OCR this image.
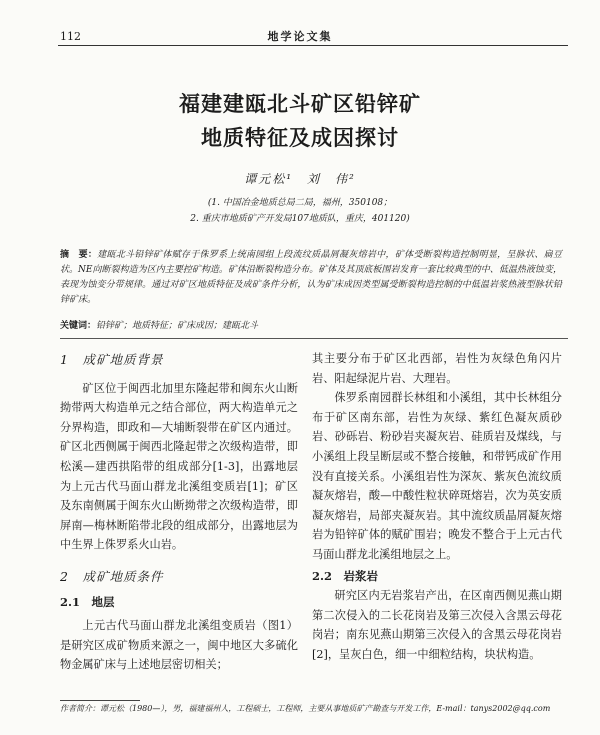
112	地学论文集
福建建瓯北斗矿区铅锌矿
地质特征及成因探讨
谭元松¹　刘　伟²
(1. 中国冶金地质总局二局，福州，350108；
2. 重庆市地质矿产开发局107地质队，重庆，401120)
摘　要：建瓯北斗铅锌矿体赋存于侏罗系上统南园组上段流纹质晶屑凝灰熔岩中，矿体受断裂构造控制明显，呈脉状、扁豆状。NE向断裂构造为区内主要控矿构造。矿体沿断裂构造分布。矿体及其顶底板围岩发育一套比较典型的中、低温热液蚀变，表现为蚀变分带规律。通过对矿区地质特征及成矿条件分析，认为矿床成因类型属受断裂构造控制的中低温岩浆热液型脉状铅锌矿床。
关键词：铅锌矿；地质特征；矿床成因；建瓯北斗
1　成矿地质背景

矿区位于闽西北加里东隆起带和闽东火山断拗带两大构造单元之结合部位，两大构造单元之分界构造，即政和—大埔断裂带在矿区内通过。矿区北西侧属于闽西北隆起带之次级构造带，即松溪—建西拱陷带的组成部分[1-3]，出露地层为上元古代马面山群龙北溪组变质岩[1]；矿区及东南侧属于闽东火山断拗带之次级构造带，即屏南—梅林断陷带北段的组成部分，出露地层为中生界上侏罗系火山岩。

2　成矿地质条件
2.1　地层

上元古代马面山群龙北溪组变质岩（图1）是研究区成矿物质来源之一，闽中地区大多硫化物金属矿床与上述地层密切相关；

其主要分布于矿区北西部，岩性为灰绿色角闪片岩、阳起绿泥片岩、大理岩。

侏罗系南园群长林组和小溪组，其中长林组分布于矿区南东部，岩性为灰绿、紫红色凝灰质砂岩、砂砾岩、粉砂岩夹凝灰岩、硅质岩及煤线，与小溪组上段呈断层或不整合接触，和带钙成矿作用没有直接关系。小溪组岩性为深灰、紫灰色流纹质凝灰熔岩，酸—中酸性粒状碎斑熔岩，次为英安质凝灰熔岩，局部夹凝灰岩。其中流纹质晶屑凝灰熔岩为铅锌矿体的赋矿围岩；晚发不整合于上元古代马面山群龙北溪组地层之上。

2.2　岩浆岩

研究区内无岩浆岩产出，在区南西侧见燕山期第二次侵入的二长花岗岩及第三次侵入含黑云母花岗岩；南东见燕山期第三次侵入的含黑云母花岗岩[2]，呈灰白色，细一中细粒结构，块状构造。

作者简介：谭元松（1980—），男，福建福州人，工程硕士，工程师，主要从事地质矿产勘查与开发工作，E-mail：tanys2002@qq.com
